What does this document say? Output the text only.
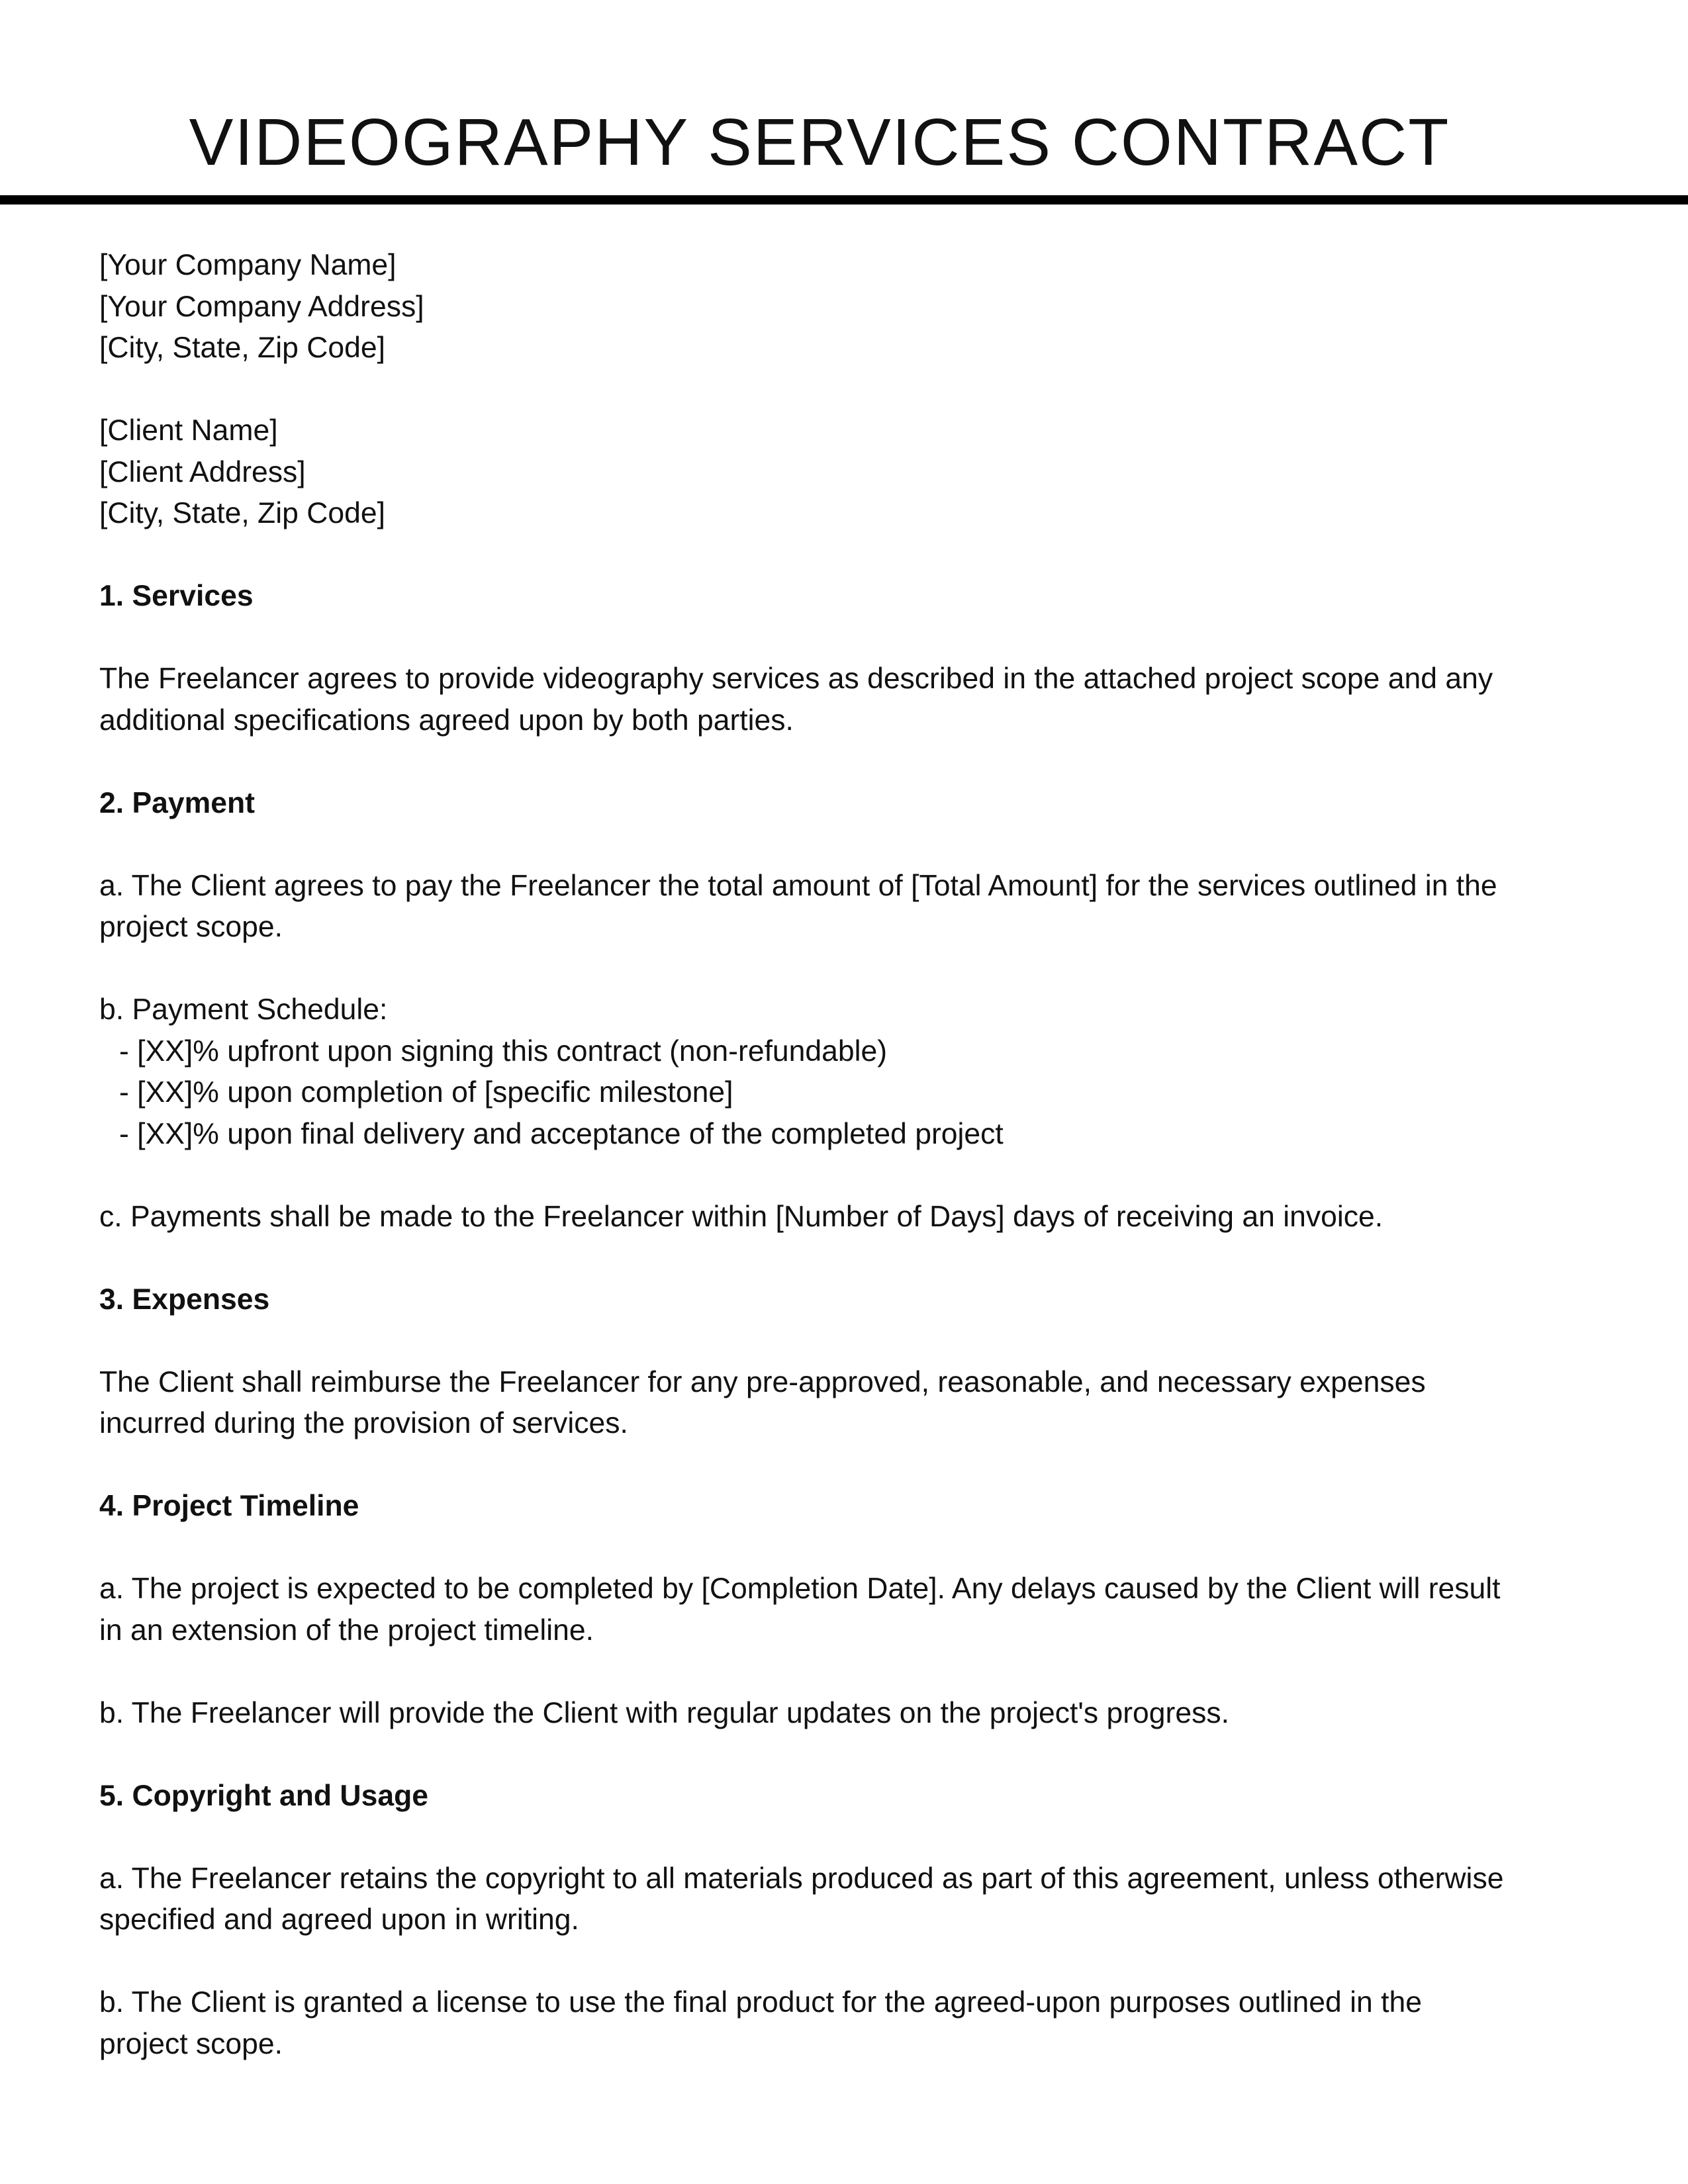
VIDEOGRAPHY SERVICES CONTRACT
[Your Company Name]
[Your Company Address]
[City, State, Zip Code]
[Client Name]
[Client Address]
[City, State, Zip Code]
1. Services
The Freelancer agrees to provide videography services as described in the attached project scope and any
additional specifications agreed upon by both parties.
2. Payment
a. The Client agrees to pay the Freelancer the total amount of [Total Amount] for the services outlined in the
project scope.
b. Payment Schedule:
- [XX]% upfront upon signing this contract (non-refundable)
- [XX]% upon completion of [specific milestone]
- [XX]% upon final delivery and acceptance of the completed project
c. Payments shall be made to the Freelancer within [Number of Days] days of receiving an invoice.
3. Expenses
The Client shall reimburse the Freelancer for any pre-approved, reasonable, and necessary expenses
incurred during the provision of services.
4. Project Timeline
a. The project is expected to be completed by [Completion Date]. Any delays caused by the Client will result
in an extension of the project timeline.
b. The Freelancer will provide the Client with regular updates on the project's progress.
5. Copyright and Usage
a. The Freelancer retains the copyright to all materials produced as part of this agreement, unless otherwise
specified and agreed upon in writing.
b. The Client is granted a license to use the final product for the agreed-upon purposes outlined in the
project scope.
